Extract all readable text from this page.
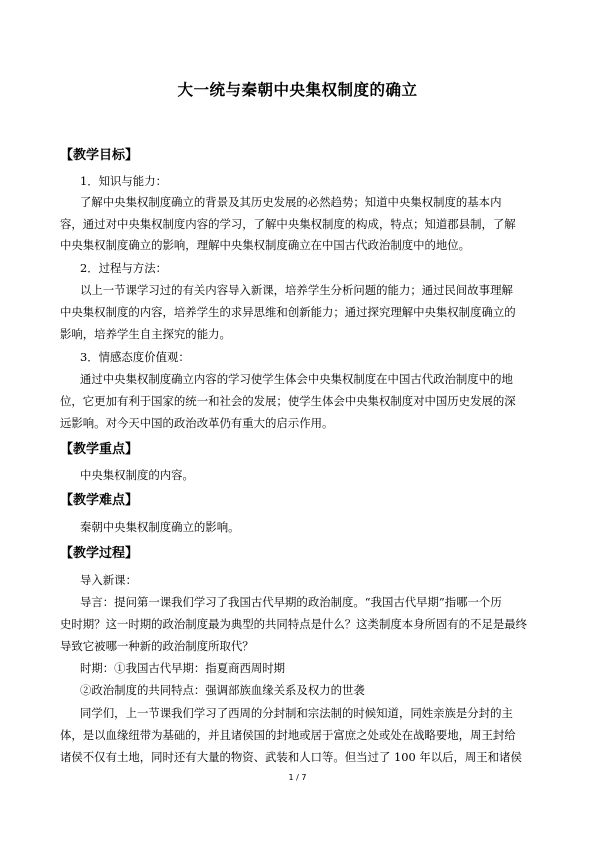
大一统与秦朝中央集权制度的确立
【教学目标】
1．知识与能力：
了解中央集权制度确立的背景及其历史发展的必然趋势；知道中央集权制度的基本内
容，通过对中央集权制度内容的学习，了解中央集权制度的构成，特点；知道郡县制，了解
中央集权制度确立的影响，理解中央集权制度确立在中国古代政治制度中的地位。
2．过程与方法：
以上一节课学习过的有关内容导入新课，培养学生分析问题的能力；通过民间故事理解
中央集权制度的内容，培养学生的求异思维和创新能力；通过探究理解中央集权制度确立的
影响，培养学生自主探究的能力。
3．情感态度价值观：
通过中央集权制度确立内容的学习使学生体会中央集权制度在中国古代政治制度中的地
位，它更加有利于国家的统一和社会的发展；使学生体会中央集权制度对中国历史发展的深
远影响。对今天中国的政治改革仍有重大的启示作用。
【教学重点】
中央集权制度的内容。
【教学难点】
秦朝中央集权制度确立的影响。
【教学过程】
导入新课：
导言：提问第一课我们学习了我国古代早期的政治制度。“我国古代早期”指哪一个历
史时期？这一时期的政治制度最为典型的共同特点是什么？这类制度本身所固有的不足是最终
导致它被哪一种新的政治制度所取代？
时期：①我国古代早期：指夏商西周时期
②政治制度的共同特点：强调部族血缘关系及权力的世袭
同学们，上一节课我们学习了西周的分封制和宗法制的时候知道，同姓亲族是分封的主
体，是以血缘纽带为基础的，并且诸侯国的封地或居于富庶之处或处在战略要地，周王封给
诸侯不仅有土地，同时还有大量的物资、武装和人口等。但当过了 100 年以后，周王和诸侯
1 / 7
